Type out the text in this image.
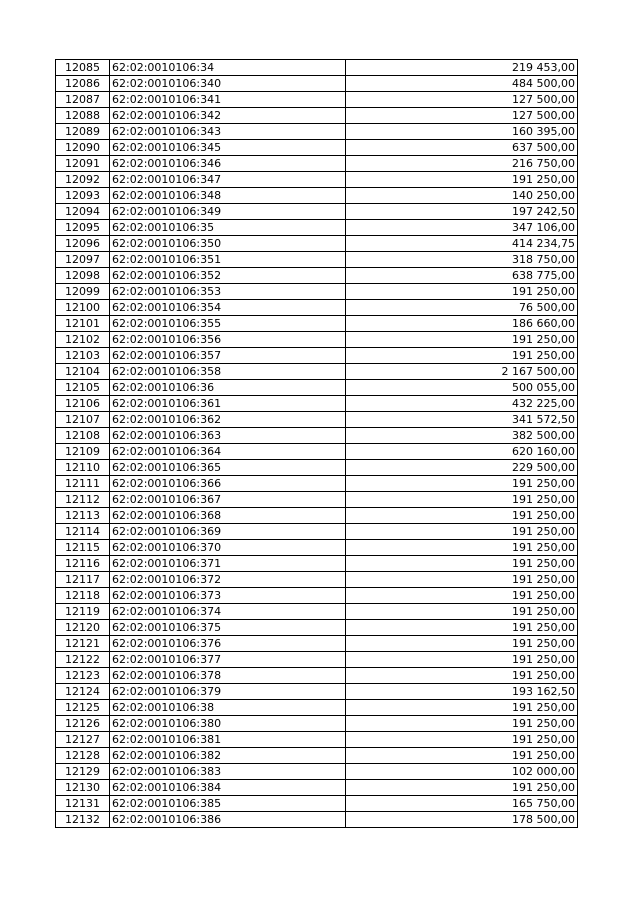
12085	62:02:0010106:34	219 453,00
12086	62:02:0010106:340	484 500,00
12087	62:02:0010106:341	127 500,00
12088	62:02:0010106:342	127 500,00
12089	62:02:0010106:343	160 395,00
12090	62:02:0010106:345	637 500,00
12091	62:02:0010106:346	216 750,00
12092	62:02:0010106:347	191 250,00
12093	62:02:0010106:348	140 250,00
12094	62:02:0010106:349	197 242,50
12095	62:02:0010106:35	347 106,00
12096	62:02:0010106:350	414 234,75
12097	62:02:0010106:351	318 750,00
12098	62:02:0010106:352	638 775,00
12099	62:02:0010106:353	191 250,00
12100	62:02:0010106:354	76 500,00
12101	62:02:0010106:355	186 660,00
12102	62:02:0010106:356	191 250,00
12103	62:02:0010106:357	191 250,00
12104	62:02:0010106:358	2 167 500,00
12105	62:02:0010106:36	500 055,00
12106	62:02:0010106:361	432 225,00
12107	62:02:0010106:362	341 572,50
12108	62:02:0010106:363	382 500,00
12109	62:02:0010106:364	620 160,00
12110	62:02:0010106:365	229 500,00
12111	62:02:0010106:366	191 250,00
12112	62:02:0010106:367	191 250,00
12113	62:02:0010106:368	191 250,00
12114	62:02:0010106:369	191 250,00
12115	62:02:0010106:370	191 250,00
12116	62:02:0010106:371	191 250,00
12117	62:02:0010106:372	191 250,00
12118	62:02:0010106:373	191 250,00
12119	62:02:0010106:374	191 250,00
12120	62:02:0010106:375	191 250,00
12121	62:02:0010106:376	191 250,00
12122	62:02:0010106:377	191 250,00
12123	62:02:0010106:378	191 250,00
12124	62:02:0010106:379	193 162,50
12125	62:02:0010106:38	191 250,00
12126	62:02:0010106:380	191 250,00
12127	62:02:0010106:381	191 250,00
12128	62:02:0010106:382	191 250,00
12129	62:02:0010106:383	102 000,00
12130	62:02:0010106:384	191 250,00
12131	62:02:0010106:385	165 750,00
12132	62:02:0010106:386	178 500,00
